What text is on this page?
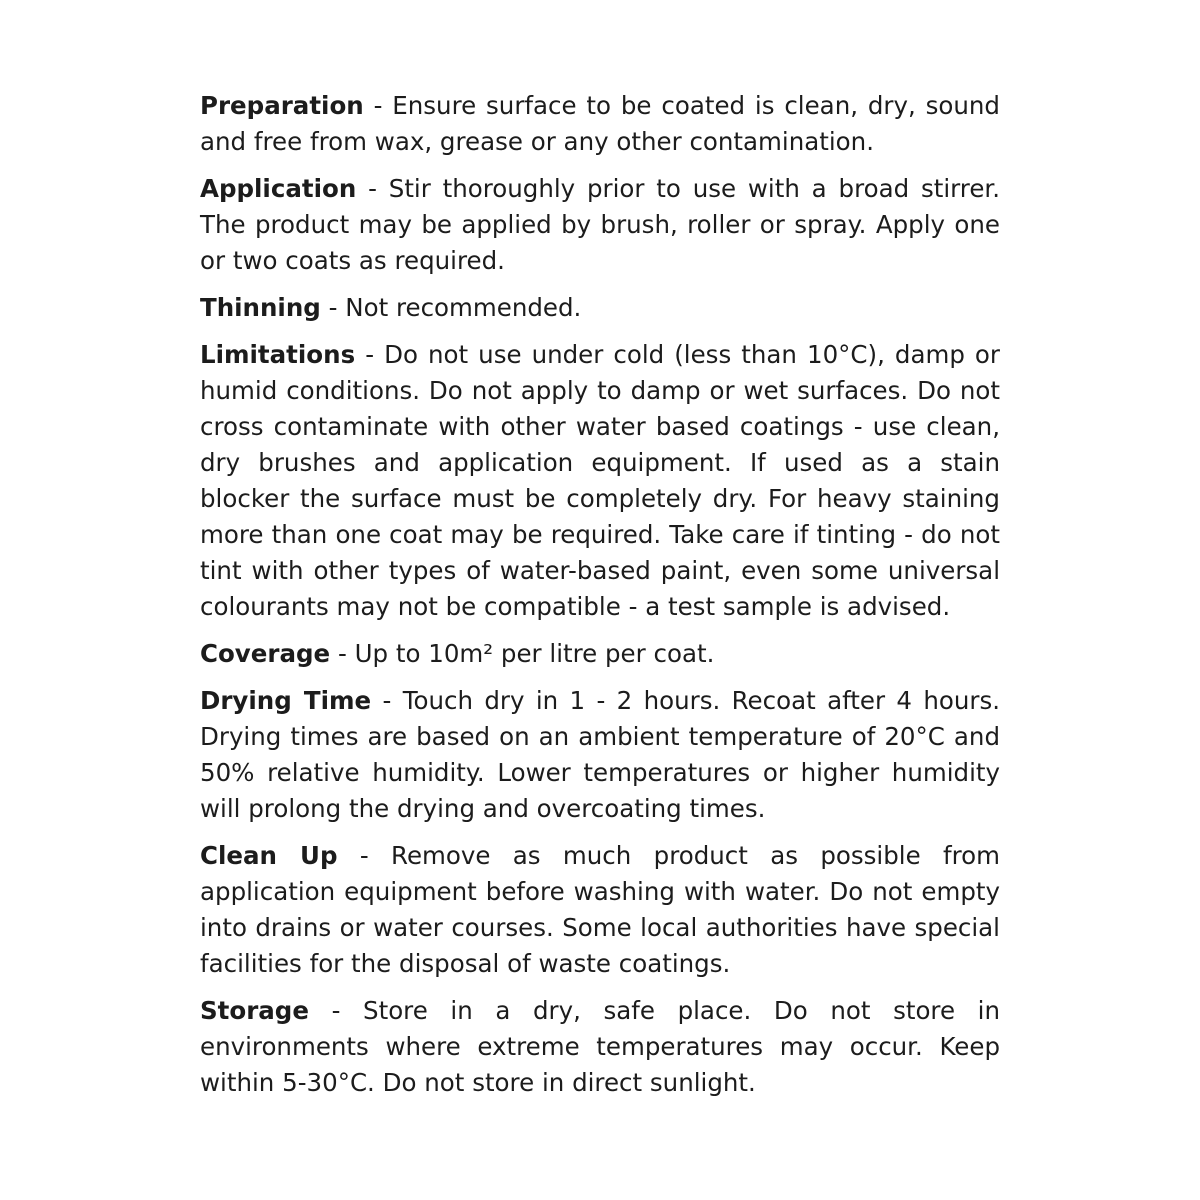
Preparation - Ensure surface to be coated is clean, dry, sound and free from wax, grease or any other contamination.

Application - Stir thoroughly prior to use with a broad stirrer. The product may be applied by brush, roller or spray. Apply one or two coats as required.

Thinning - Not recommended.

Limitations - Do not use under cold (less than 10°C), damp or humid conditions. Do not apply to damp or wet surfaces. Do not cross contaminate with other water based coatings - use clean, dry brushes and application equipment. If used as a stain blocker the surface must be completely dry. For heavy staining more than one coat may be required. Take care if tinting - do not tint with other types of water-based paint, even some universal colourants may not be compatible - a test sample is advised.

Coverage - Up to 10m² per litre per coat.

Drying Time - Touch dry in 1 - 2 hours. Recoat after 4 hours. Drying times are based on an ambient temperature of 20°C and 50% relative humidity. Lower temperatures or higher humidity will prolong the drying and overcoating times.

Clean Up - Remove as much product as possible from application equipment before washing with water. Do not empty into drains or water courses. Some local authorities have special facilities for the disposal of waste coatings.

Storage - Store in a dry, safe place. Do not store in environments where extreme temperatures may occur. Keep within 5-30°C. Do not store in direct sunlight.
